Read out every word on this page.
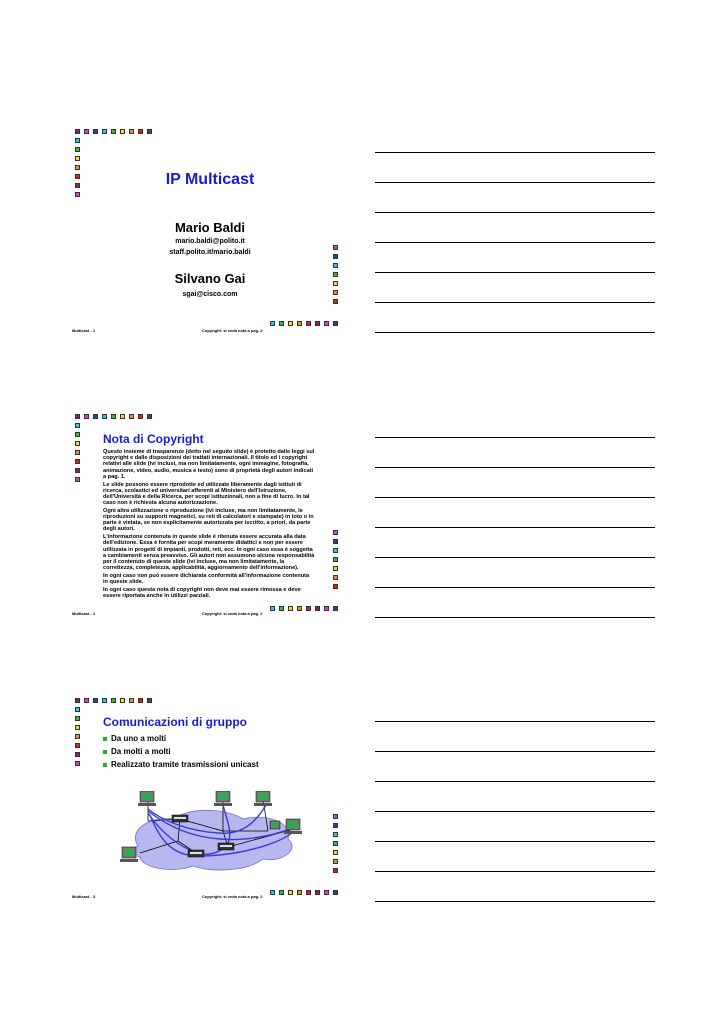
IP Multicast
Mario Baldi
mario.baldi@polito.it
staff.polito.it/mario.baldi
Silvano Gai
sgai@cisco.com
Multicast - 1	Copyright: si veda nota a pag. 2
Nota di Copyright

Questo insieme di trasparenze (detto nel seguito slide) è protetto dalle leggi sul copyright e dalle disposizioni dei trattati internazionali. Il titolo ed i copyright relativi alle slide (ivi inclusi, ma non limitatamente, ogni immagine, fotografia, animazione, video, audio, musica e testo) sono di proprietà degli autori indicati a pag. 1.

Le slide possono essere riprodotte ed utilizzate liberamente dagli istituti di ricerca, scolastici ed universitari afferenti al Ministero dell'Istruzione, dell'Università e della Ricerca, per scopi istituzionali, non a fine di lucro. In tal caso non è richiesta alcuna autorizzazione.

Ogni altra utilizzazione o riproduzione (ivi incluse, ma non limitatamente, le riproduzioni su supporti magnetici, su reti di calcolatori e stampate) in toto o in parte è vietata, se non esplicitamente autorizzata per iscritto, a priori, da parte degli autori.

L'informazione contenuta in queste slide è ritenuta essere accurata alla data dell'edizione. Essa è fornita per scopi meramente didattici e non per essere utilizzata in progetti di impianti, prodotti, reti, ecc. In ogni caso essa è soggetta a cambiamenti senza preavviso. Gli autori non assumono alcuna responsabilità per il contenuto di queste slide (ivi incluse, ma non limitatamente, la correttezza, completezza, applicabilità, aggiornamento dell'informazione).

In ogni caso non può essere dichiarata conformità all'informazione contenuta in queste slide.

In ogni caso questa nota di copyright non deve mai essere rimossa e deve essere riportata anche in utilizzi parziali.

Multicast - 2	Copyright: si veda nota a pag. 2
Comunicazioni di gruppo
Da uno a molti
Da molti a molti
Realizzato tramite trasmissioni unicast
Multicast - 3	Copyright: si veda nota a pag. 2
